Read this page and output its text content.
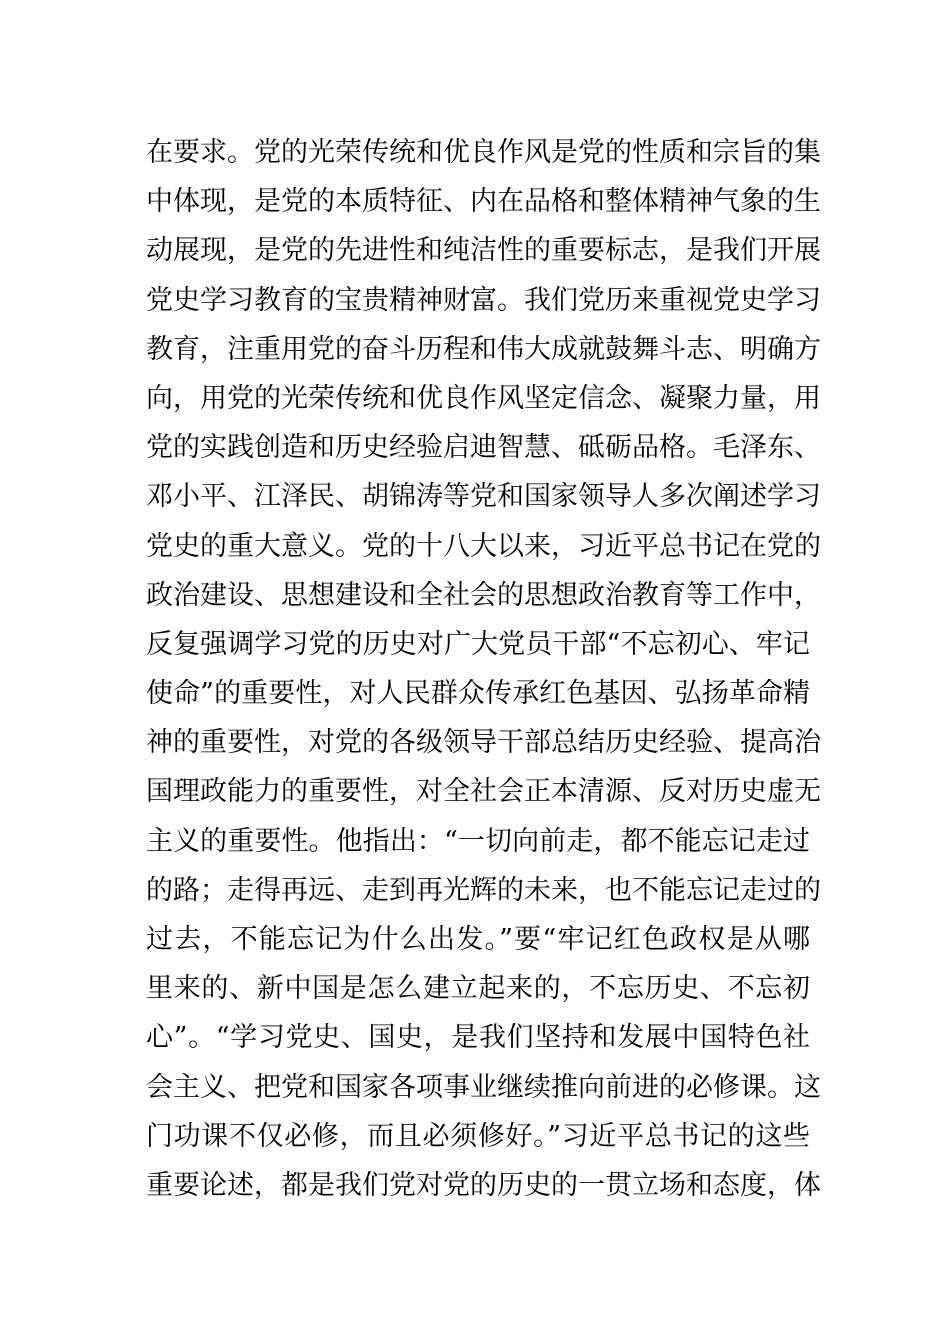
在要求。党的光荣传统和优良作风是党的性质和宗旨的集
中体现，是党的本质特征、内在品格和整体精神气象的生
动展现，是党的先进性和纯洁性的重要标志，是我们开展
党史学习教育的宝贵精神财富。我们党历来重视党史学习
教育，注重用党的奋斗历程和伟大成就鼓舞斗志、明确方
向，用党的光荣传统和优良作风坚定信念、凝聚力量，用
党的实践创造和历史经验启迪智慧、砥砺品格。毛泽东、
邓小平、江泽民、胡锦涛等党和国家领导人多次阐述学习
党史的重大意义。党的十八大以来，习近平总书记在党的
政治建设、思想建设和全社会的思想政治教育等工作中，
反复强调学习党的历史对广大党员干部“不忘初心、牢记
使命”的重要性，对人民群众传承红色基因、弘扬革命精
神的重要性，对党的各级领导干部总结历史经验、提高治
国理政能力的重要性，对全社会正本清源、反对历史虚无
主义的重要性。他指出：“一切向前走，都不能忘记走过
的路；走得再远、走到再光辉的未来，也不能忘记走过的
过去，不能忘记为什么出发。”要“牢记红色政权是从哪
里来的、新中国是怎么建立起来的，不忘历史、不忘初
心”。“学习党史、国史，是我们坚持和发展中国特色社
会主义、把党和国家各项事业继续推向前进的必修课。这
门功课不仅必修，而且必须修好。”习近平总书记的这些
重要论述，都是我们党对党的历史的一贯立场和态度，体
